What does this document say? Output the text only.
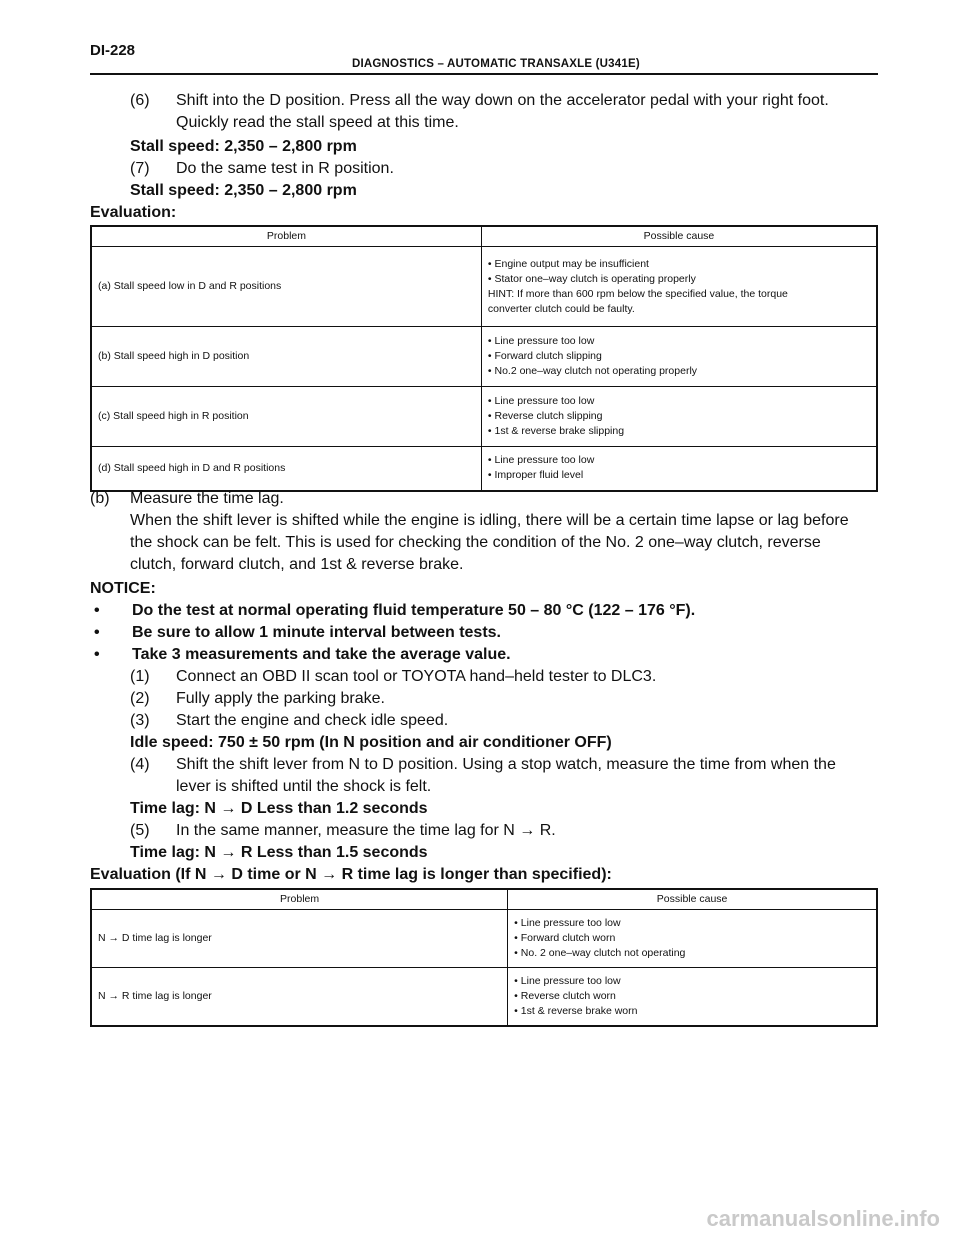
DI-228
DIAGNOSTICS – AUTOMATIC TRANSAXLE (U341E)
(6) Shift into the D position. Press all the way down on the accelerator pedal with your right foot.
Quickly read the stall speed at this time.
Stall speed: 2,350 – 2,800 rpm
(7) Do the same test in R position.
Stall speed: 2,350 – 2,800 rpm
Evaluation:
Problem	Possible cause
(a) Stall speed low in D and R positions	• Engine output may be insufficient
• Stator one–way clutch is operating properly
HINT: If more than 600 rpm below the specified value, the torque
converter clutch could be faulty.

(b) Stall speed high in D position	• Line pressure too low
• Forward clutch slipping
• No.2 one–way clutch not operating properly

(c) Stall speed high in R position	• Line pressure too low
• Reverse clutch slipping
• 1st & reverse brake slipping

(d) Stall speed high in D and R positions	• Line pressure too low
• Improper fluid level
(b) Measure the time lag.
When the shift lever is shifted while the engine is idling, there will be a certain time lapse or lag before
the shock can be felt. This is used for checking the condition of the No. 2 one–way clutch, reverse
clutch, forward clutch, and 1st & reverse brake.
NOTICE:
• Do the test at normal operating fluid temperature 50 – 80 °C (122 – 176 °F).
• Be sure to allow 1 minute interval between tests.
• Take 3 measurements and take the average value.
(1) Connect an OBD II scan tool or TOYOTA hand–held tester to DLC3.
(2) Fully apply the parking brake.
(3) Start the engine and check idle speed.
Idle speed: 750 ± 50 rpm (In N position and air conditioner OFF)
(4) Shift the shift lever from N to D position. Using a stop watch, measure the time from when the
lever is shifted until the shock is felt.
Time lag: N → D Less than 1.2 seconds
(5) In the same manner, measure the time lag for N → R.
Time lag: N → R Less than 1.5 seconds
Evaluation (If N → D time or N → R time lag is longer than specified):
Problem	Possible cause
N → D time lag is longer	• Line pressure too low
• Forward clutch worn
• No. 2 one–way clutch not operating

N → R time lag is longer	• Line pressure too low
• Reverse clutch worn
• 1st & reverse brake worn
carmanualsonline.info
